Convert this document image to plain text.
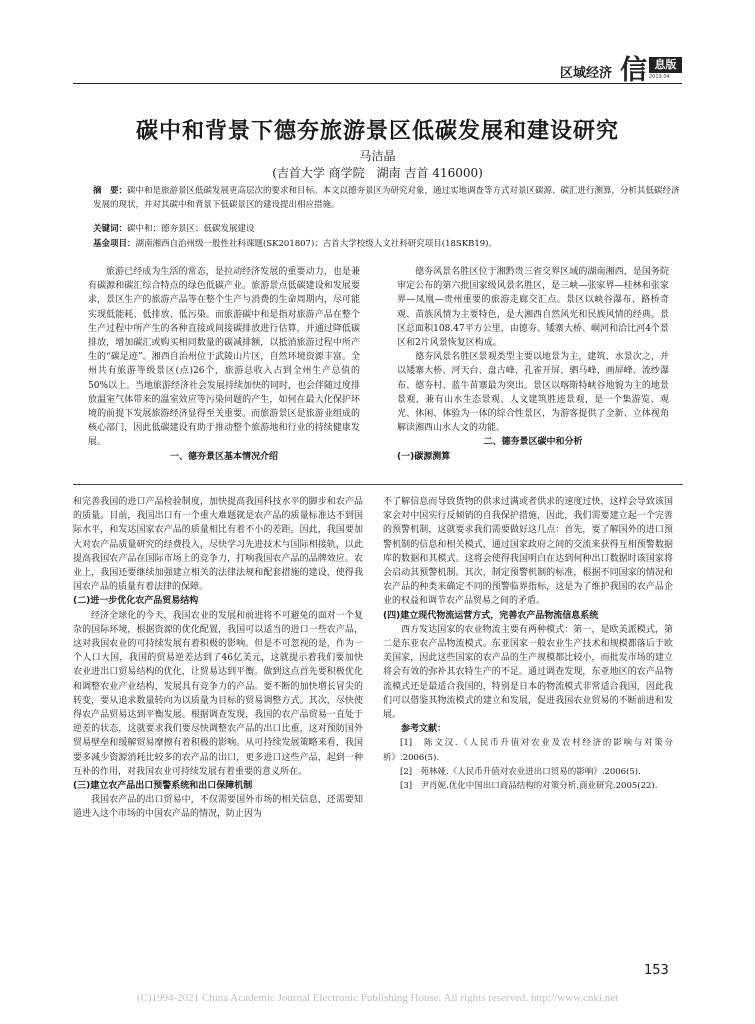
区域经济 信 息版
2019.04
碳中和背景下德夯旅游景区低碳发展和建设研究
马洁晶
(吉首大学 商学院　湖南 吉首 416000)
摘　要：碳中和是旅游景区低碳发展更高层次的要求和目标。本文以德夯景区为研究对象，通过实地调查等方式对景区碳源、碳汇进行测算，分析其低碳经济发展的现状，并对其碳中和背景下低碳景区的建设提出相应措施。
关键词：碳中和；德夯景区；低碳发展建设
基金项目：湖南湘西自治州级一般性社科课题(SK201807)；吉首大学校级人文社科研究项目(18SKB19)。

旅游已经成为生活的常态，是拉动经济发展的重要动力，也是兼有碳源和碳汇综合特点的绿色低碳产业。旅游景点低碳建设和发展要求，景区生产的旅游产品等在整个生产与消费的生命周期内，尽可能实现低能耗、低排放、低污染。而旅游碳中和是指对旅游产品在整个生产过程中所产生的各种直接或间接碳排放进行估算，并通过降低碳排放，增加碳汇或购买相同数量的碳减排额，以抵消旅游过程中所产生的“碳足迹”。湘西自治州位于武陵山片区，自然环境资源丰富。全州共有旅游等级景区(点)26个，旅游总收入占到全州生产总值的50%以上。当地旅游经济社会发展持续加快的同时，也会伴随过度排放温室气体带来的温室效应等污染问题的产生，如何在最大化保护环境的前提下发展旅游经济显得至关重要。而旅游景区是旅游业组成的核心部门，因此低碳建设有助于推动整个旅游地和行业的持续健康发展。

一、德夯景区基本情况介绍

德夯风景名胜区位于湘黔贵三省交界区域的湖南湘西，是国务院审定公布的第六批国家级风景名胜区，是三峡—张家界—桂林和张家界—凤凰—贵州重要的旅游走廊交汇点。景区以峡谷瀑布、路桥奇观、苗族风情为主要特色，是大湘西自然风光和民族风情的经典。景区总面积108.47平方公里，由德夯、矮寨大桥、峒河和洽比河4个景区和2片风景恢复区构成。

德夯风景名胜区景观类型主要以地景为主，建筑、水景次之，并以矮寨大桥、河天台、盘古峰、孔雀开屏、驷马峰、画屏峰、流纱瀑布、德夯村、蓝牛苗寨最为突出。景区以喀斯特峡谷地貌为主的地景景观，兼有山水生态景观、人文建筑胜迹景观，是一个集游览、观光、休闲、体验为一体的综合性景区，为游客提供了全新、立体视角解读湘西山水人文的功能。

二、德夯景区碳中和分析
(一)碳源测算

和完善我国的进口产品检验制度，加快提高我国科技水平的脚步和农产品的质量。目前，我国出口有一个重大难题就是农产品的质量标准达不到国际水平，和发达国家农产品的质量相比有着不小的差距。因此，我国要加大对农产品质量研究的经费投入，尽快学习先进技术与国际相接轨，以此提高我国农产品在国际市场上的竞争力，打响我国农产品的品牌效应。农业上，我国还要继续加强建立相关的法律法规和配套措施的建设，使得我国农产品的质量有着法律的保障。

(二)进一步优化农产品贸易结构

经济全球化的今天，我国农业的发展和前进将不可避免的面对一个复杂的国际环境，根据资源的优化配置，我国可以适当的进口一些农产品，这对我国农业的可持续发展有着积极的影响。但是不可忽视的是，作为一个人口大国，我国的贸易逆差达到了46亿美元，这就提示着我们要加快农业进出口贸易结构的优化，让贸易达到平衡。做到这点首先要积极优化和调整农业产业结构，发展具有竞争力的产品。要不断的加快増长冒尖的转变，要从追求数量转向为以质量为目标的贸易调整方式。其次，尽快使得农产品贸易达到平衡发展。根据调查发现，我国的农产品贸易一直处于逆差的状态，这就要求我们要尽快调整农产品的出口比重，这对预防国外贸易壁垒和缓解贸易摩擦有着积极的影响。从可持续发展策略来看，我国要多减少资源消耗比较多的农产品的出口，更多进口这些产品，起到一种互补的作用，对我国农业可持续发展有着重要的意义所在。

(三)建立农产品出口预警系统和出口保障机制

我国农产品的出口贸易中，不仅需要国外市场的相关信息，还需要知道进入这个市场的中国农产品的情况，防止因为

不了解信息而导致货物的供求过满或者供求的速度过快，这样会导致该国家会对中国实行反倾销的自我保护措施，因此，我们需要建立起一个完善的预警机制，这就要求我们需要做好这几点：首先，要了解国外的进口预警机制的信息和相关模式，通过国家政府之间的交流来获得互相预警数据库的数据和其模式。这将会使得我国明白在达到何种出口数据时该国家将会启动其预警机制。其次，制定预警机制的标准，根据不同国家的情况和农产品的种类来确定不同的预警临界指标，这是为了维护我国的农产品企业的权益和调节农产品贸易之间的矛盾。

(四)建立现代物流运营方式，完善农产品物流信息系统

西方发达国家的农业物流主要有两种模式：第一，是欧美派模式，第二是东亚农产品物流模式。东亚国家一般农业生产技术和规模都落后于欧美国家，因此这些国家的农产品的生产规模都比较小，而批发市场的建立将会有效的弥补其农特生产的不足。通过调查发现，东亚地区的农产品物流模式还是最适合我国的，特别是日本的物流模式非常适合我国，因此我们可以借鉴其物流模式的建立和发展，促进我国农业贸易的不断前进和发展。

参考文献：

[1]　陈文汉.《人民币升值对农业及农村经济的影响与对策分析》.2006(5).

[2]　苑林娅.《人民币升值对农业进出口贸易的影响》.2006(5).

[3]　尹肖妮.优化中国出口商品结构的对策分析.商业研究.2005(22).

153
(C)1994-2021 China Academic Journal Electronic Publishing House. All rights reserved. http://www.cnki.net
